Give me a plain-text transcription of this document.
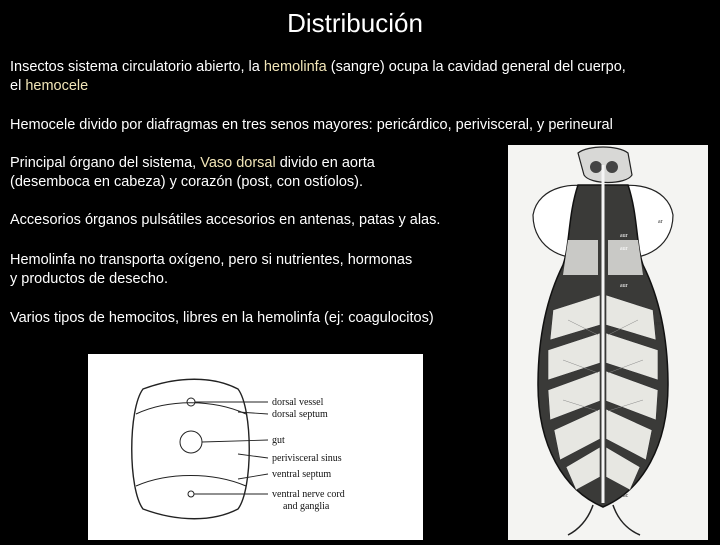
Distribución
Insectos sistema circulatorio abierto, la hemolinfa (sangre) ocupa la cavidad general del cuerpo,
el hemocele
Hemocele divido por diafragmas en tres senos mayores: pericárdico, perivisceral, y perineural
Principal órgano del sistema, Vaso dorsal divido en aorta
(desemboca en cabeza) y corazón (post, con ostíolos).
Accesorios órganos pulsátiles accesorios en antenas, patas y alas.
Hemolinfa no transporta oxígeno, pero si nutrientes, hormonas
y productos de desecho.
Varios tipos de hemocitos, libres en la hemolinfa (ej: coagulocitos)
ar
aur
aur
aur
pc
ac
dorsal vessel
dorsal septum
gut
perivisceral sinus
ventral septum
ventral nerve cord
and ganglia
